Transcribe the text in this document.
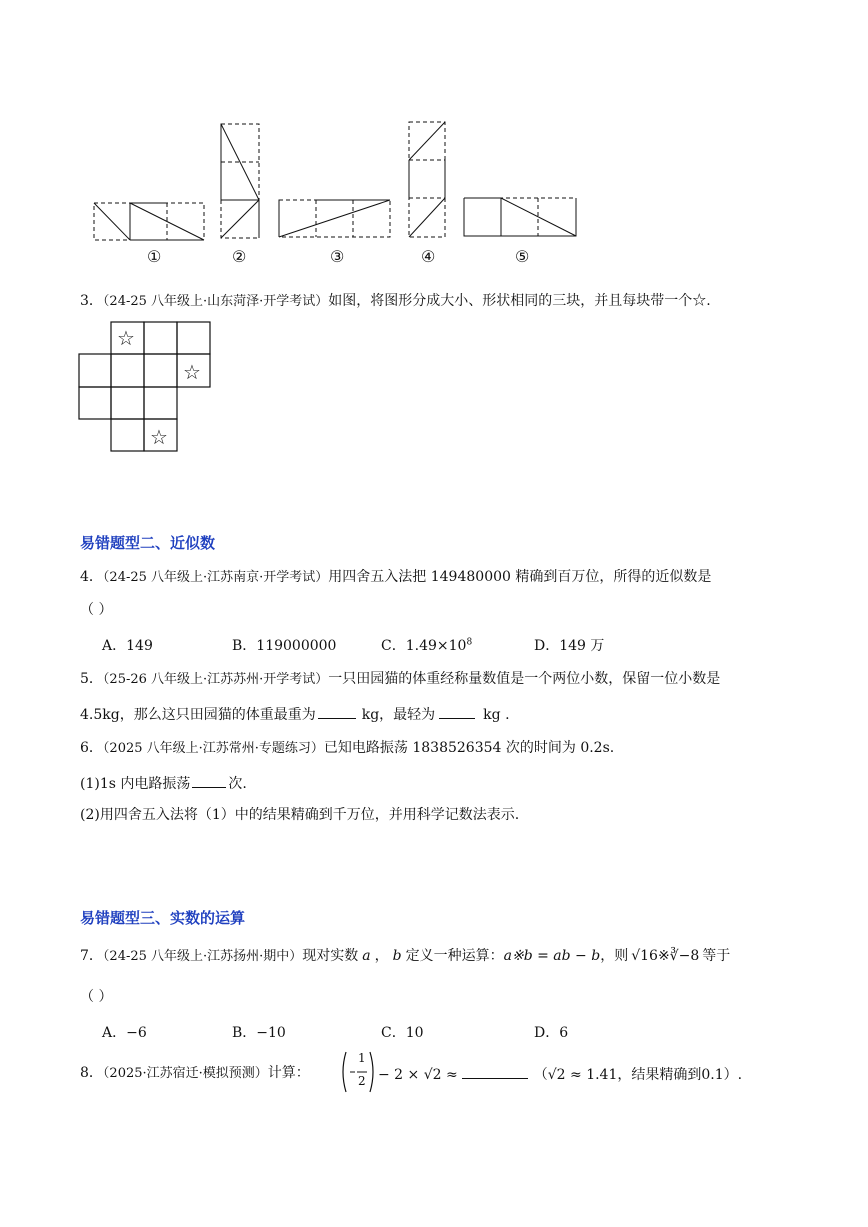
①	②	③	④	⑤
3．（24-25 八年级上·山东菏泽·开学考试）如图，将图形分成大小、形状相同的三块，并且每块带一个☆.
☆
☆
☆
易错题型二、近似数
4．（24-25 八年级上·江苏南京·开学考试）用四舍五入法把 149480000 精确到百万位，所得的近似数是
（ ）
A．149	B．119000000	C．$1.49\times 10^8$	D．149 万
5．（25-26 八年级上·江苏苏州·开学考试）一只田园猫的体重经称量数值是一个两位小数，保留一位小数是
4.5kg，那么这只田园猫的体重最重为	kg，最轻为	kg .
6．（2025 八年级上·江苏常州·专题练习）已知电路振荡 1838526354 次的时间为 0.2s.
(1)1s 内电路振荡	次.
(2)用四舍五入法将（1）中的结果精确到千万位，并用科学记数法表示.
易错题型三、实数的运算
7．（24-25 八年级上·江苏扬州·期中）现对实数 a ， b 定义一种运算：a※b = ab − b，则 √16※∛−8 等于
（ ）
A．−6	B．−10	C．10	D．6
8．（2025·江苏宿迁·模拟预测）计算：
1
2 − 2 × √2 ≈	（√2 ≈ 1.41，结果精确到0.1）.
